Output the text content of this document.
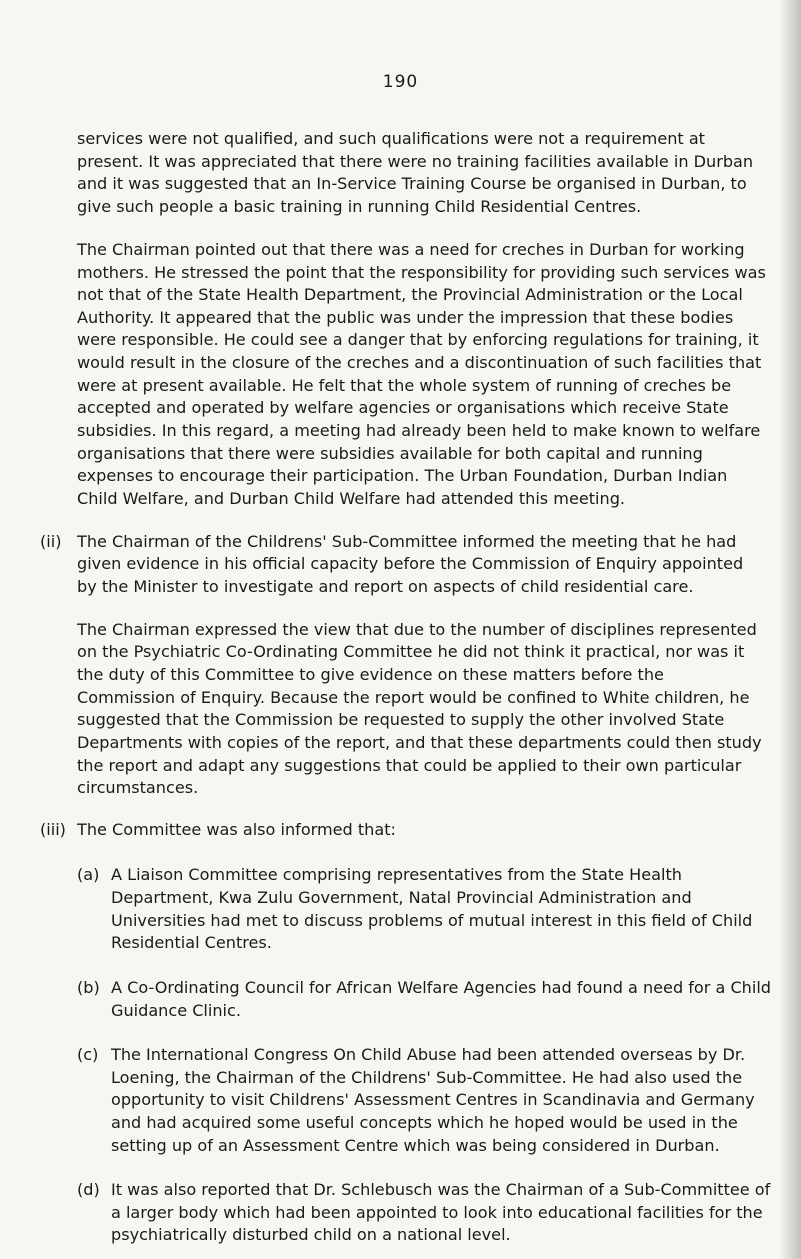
190

services were not qualified, and such qualifications were not a requirement at present. It was appreciated that there were no training facilities available in Durban and it was suggested that an In-Service Training Course be organised in Durban, to give such people a basic training in running Child Residential Centres.

The Chairman pointed out that there was a need for creches in Durban for working mothers. He stressed the point that the responsibility for providing such services was not that of the State Health Department, the Provincial Administration or the Local Authority. It appeared that the public was under the impression that these bodies were responsible. He could see a danger that by enforcing regulations for training, it would result in the closure of the creches and a discontinuation of such facilities that were at present available. He felt that the whole system of running of creches be accepted and operated by welfare agencies or organisations which receive State subsidies. In this regard, a meeting had already been held to make known to welfare organisations that there were subsidies available for both capital and running expenses to encourage their participation. The Urban Foundation, Durban Indian Child Welfare, and Durban Child Welfare had attended this meeting.

(ii) The Chairman of the Childrens' Sub-Committee informed the meeting that he had given evidence in his official capacity before the Commission of Enquiry appointed by the Minister to investigate and report on aspects of child residential care.

The Chairman expressed the view that due to the number of disciplines represented on the Psychiatric Co-Ordinating Committee he did not think it practical, nor was it the duty of this Committee to give evidence on these matters before the Commission of Enquiry. Because the report would be confined to White children, he suggested that the Commission be requested to supply the other involved State Departments with copies of the report, and that these departments could then study the report and adapt any suggestions that could be applied to their own particular circumstances.

(iii) The Committee was also informed that:

(a) A Liaison Committee comprising representatives from the State Health Department, Kwa Zulu Government, Natal Provincial Administration and Universities had met to discuss problems of mutual interest in this field of Child Residential Centres.

(b) A Co-Ordinating Council for African Welfare Agencies had found a need for a Child Guidance Clinic.

(c) The International Congress On Child Abuse had been attended overseas by Dr. Loening, the Chairman of the Childrens' Sub-Committee. He had also used the opportunity to visit Childrens' Assessment Centres in Scandinavia and Germany and had acquired some useful concepts which he hoped would be used in the setting up of an Assessment Centre which was being considered in Durban.

(d) It was also reported that Dr. Schlebusch was the Chairman of a Sub-Committee of a larger body which had been appointed to look into educational facilities for the psychiatrically disturbed child on a national level.
